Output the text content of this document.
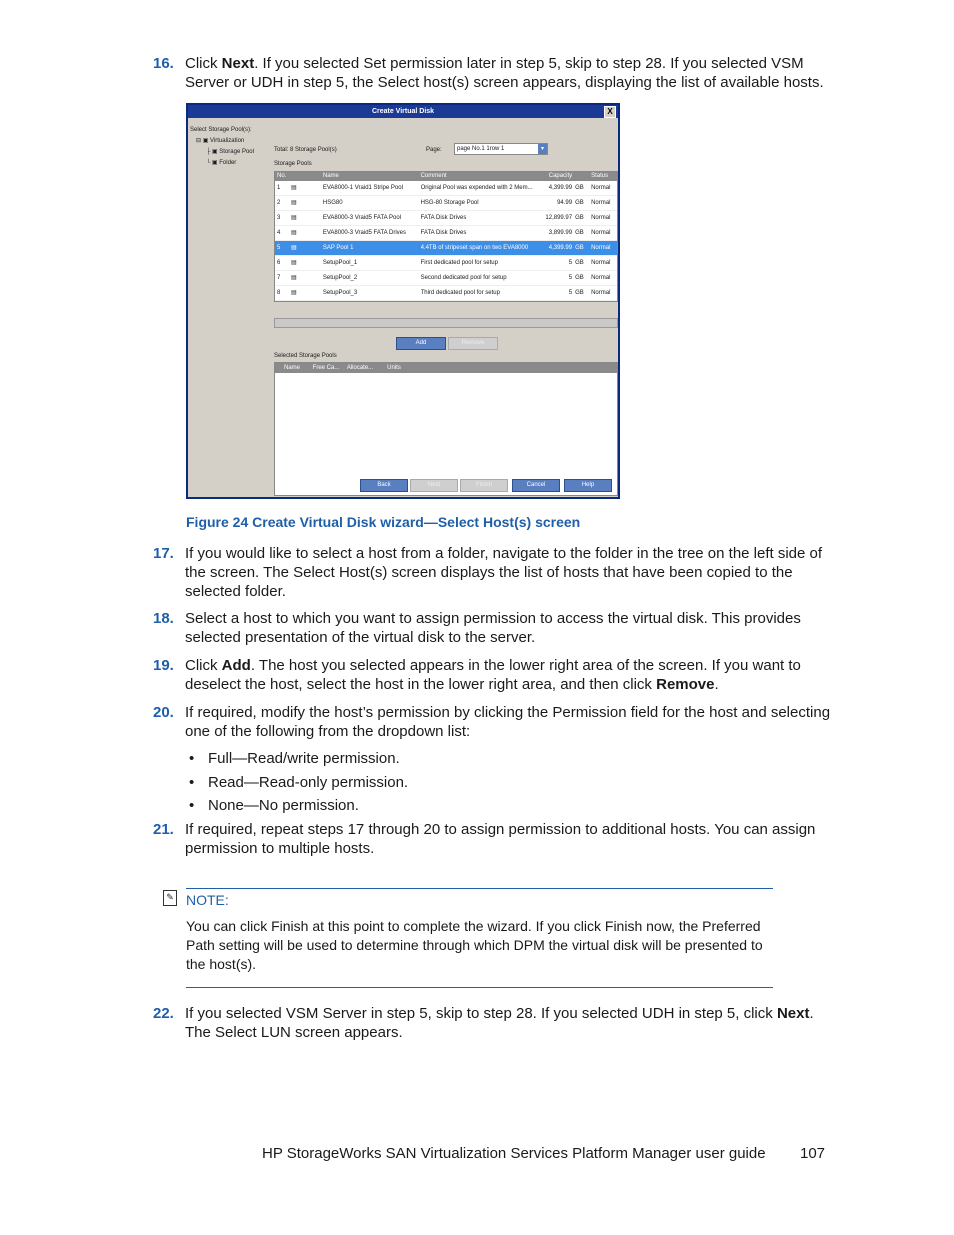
16. Click Next. If you selected Set permission later in step 5, skip to step 28. If you selected VSM Server or UDH in step 5, the Select host(s) screen appears, displaying the list of available hosts.
Create Virtual Disk	X
Select Storage Pool(s):
⊟ ▣ Virtualization
├ ▣ Storage Pool
└ ▣ Folder
Total: 8 Storage Pool(s)	Page:	page No.1 1row 1	▾
Storage Pools
No.	Name	Comment	Capacity	Status
1	▤	EVA8000-1 Vraid1 Stripe Pool	Original Pool was expended with 2 Mem...	4,399.99 GB	Normal
2	▤	HSG80	HSG-80 Storage Pool	94.99 GB	Normal
3	▤	EVA8000-3 Vraid5 FATA Pool	FATA Disk Drives	12,899.97 GB	Normal
4	▤	EVA8000-3 Vraid5 FATA Drives	FATA Disk Drives	3,899.99 GB	Normal
5	▤	SAP Pool 1	4.4TB of stripeset span on two EVA8000	4,399.99 GB	Normal
6	▤	SetupPool_1	First dedicated pool for setup	5 GB	Normal
7	▤	SetupPool_2	Second dedicated pool for setup	5 GB	Normal
8	▤	SetupPool_3	Third dedicated pool for setup	5 GB	Normal
Add	Remove
Selected Storage Pools
Name	Free Ca...	Allocate...	Units
Back	Next	Finish	Cancel	Help
Figure 24 Create Virtual Disk wizard—Select Host(s) screen
17. If you would like to select a host from a folder, navigate to the folder in the tree on the left side of the screen. The Select Host(s) screen displays the list of hosts that have been copied to the selected folder.
18. Select a host to which you want to assign permission to access the virtual disk. This provides selected presentation of the virtual disk to the server.
19. Click Add. The host you selected appears in the lower right area of the screen. If you want to deselect the host, select the host in the lower right area, and then click Remove.
20. If required, modify the host’s permission by clicking the Permission field for the host and selecting one of the following from the dropdown list:
• Full—Read/write permission.
• Read—Read-only permission.
• None—No permission.
21. If required, repeat steps 17 through 20 to assign permission to additional hosts. You can assign permission to multiple hosts.
✎ NOTE:
You can click Finish at this point to complete the wizard. If you click Finish now, the Preferred Path setting will be used to determine through which DPM the virtual disk will be presented to the host(s).
22. If you selected VSM Server in step 5, skip to step 28. If you selected UDH in step 5, click Next. The Select LUN screen appears.
HP StorageWorks SAN Virtualization Services Platform Manager user guide 107
